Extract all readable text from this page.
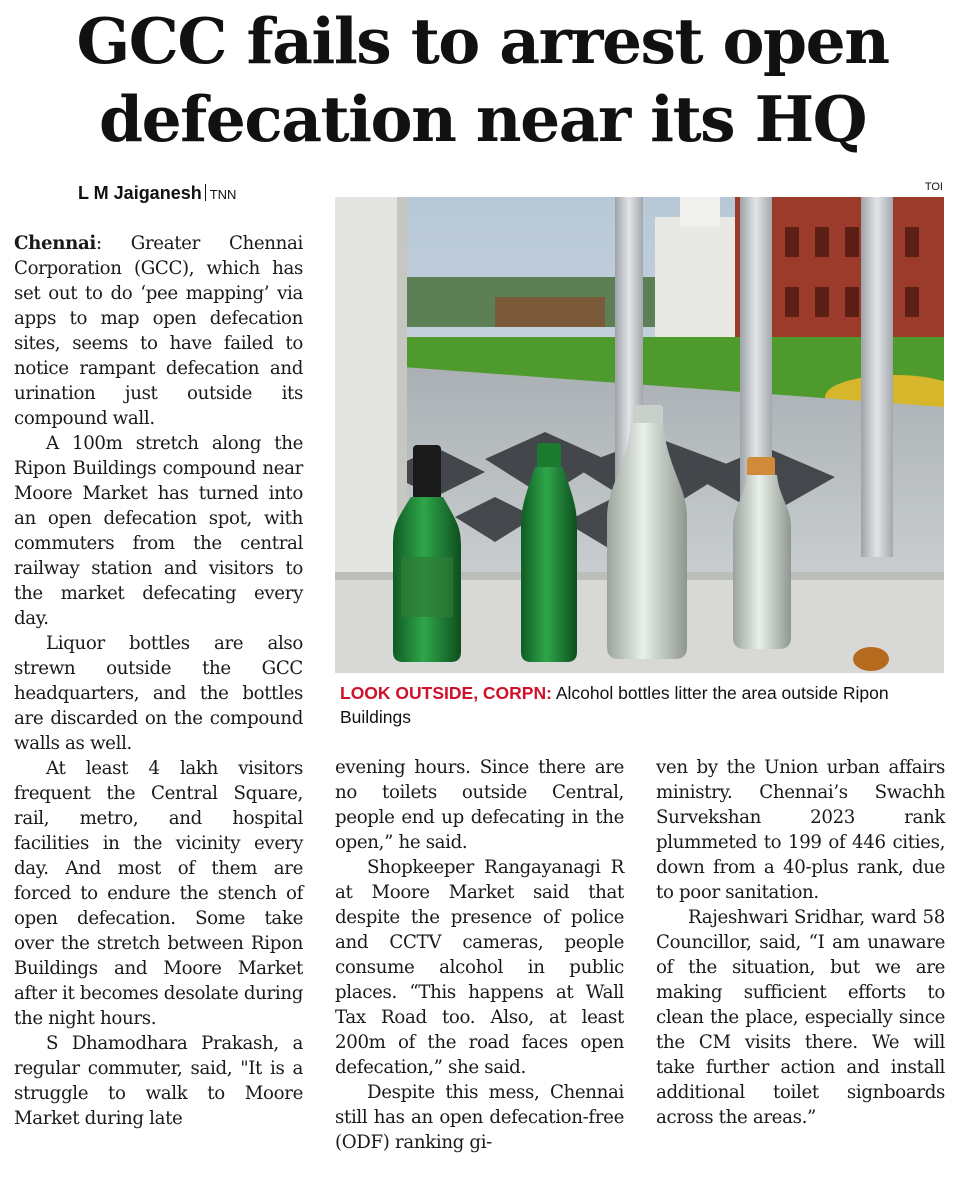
GCC fails to arrest open
defecation near its HQ
L M Jaiganesh TNN	TOI

Chennai: Greater Chennai Corporation (GCC), which has set out to do ‘pee mapping’ via apps to map open defecation sites, seems to have failed to notice rampant defecation and urination just outside its compound wall.

A 100m stretch along the Ripon Buildings compound near Moore Market has turned into an open defecation spot, with commuters from the central railway station and visitors to the market defecating every day.

Liquor bottles are also strewn outside the GCC headquarters, and the bottles are discarded on the compound walls as well.

At least 4 lakh visitors frequent the Central Square, rail, metro, and hospital facilities in the vicinity every day. And most of them are forced to endure the stench of open defecation. Some take over the stretch between Ripon Buildings and Moore Market after it becomes desolate during the night hours.

S Dhamodhara Prakash, a regular commuter, said, "It is a struggle to walk to Moore Market during late

LOOK OUTSIDE, CORPN: Alcohol bottles litter the area outside Ripon Buildings

evening hours. Since there are no toilets outside Central, people end up defecating in the open,” he said.

Shopkeeper Rangayanagi R at Moore Market said that despite the presence of police and CCTV cameras, people consume alcohol in public places. “This happens at Wall Tax Road too. Also, at least 200m of the road faces open defecation,” she said.

Despite this mess, Chennai still has an open defecation-free (ODF) ranking gi-

ven by the Union urban affairs ministry. Chennai’s Swachh Survekshan 2023 rank plummeted to 199 of 446 cities, down from a 40-plus rank, due to poor sanitation.

Rajeshwari Sridhar, ward 58 Councillor, said, “I am unaware of the situation, but we are making sufficient efforts to clean the place, especially since the CM visits there. We will take further action and install additional toilet signboards across the areas.”
